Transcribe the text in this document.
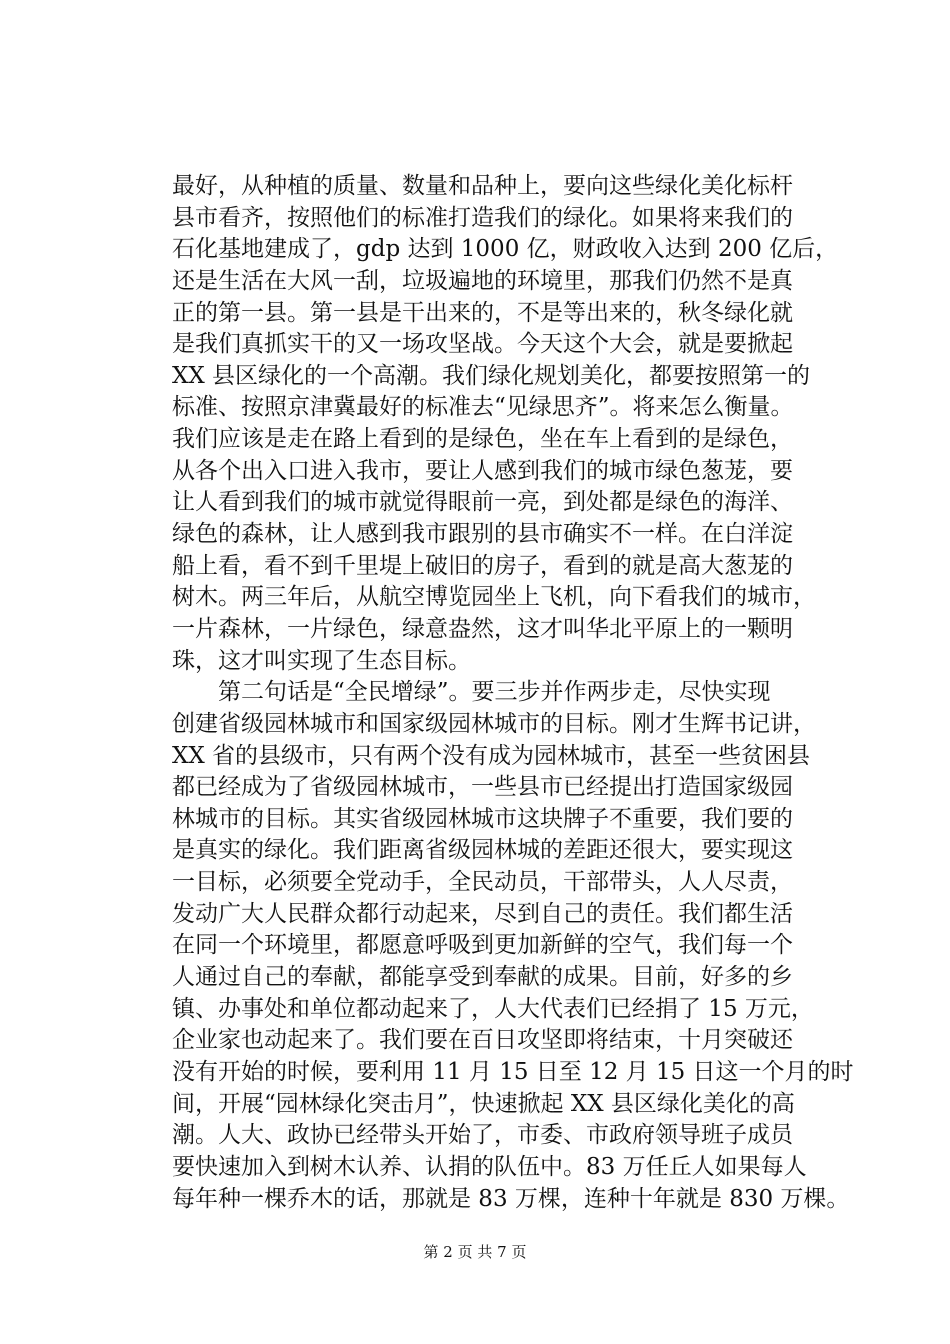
最好，从种植的质量、数量和品种上，要向这些绿化美化标杆
县市看齐，按照他们的标准打造我们的绿化。如果将来我们的
石化基地建成了，gdp 达到 1000 亿，财政收入达到 200 亿后，
还是生活在大风一刮，垃圾遍地的环境里，那我们仍然不是真
正的第一县。第一县是干出来的，不是等出来的，秋冬绿化就
是我们真抓实干的又一场攻坚战。今天这个大会，就是要掀起
XX 县区绿化的一个高潮。我们绿化规划美化，都要按照第一的
标准、按照京津冀最好的标准去“见绿思齐”。将来怎么衡量。
我们应该是走在路上看到的是绿色，坐在车上看到的是绿色，
从各个出入口进入我市，要让人感到我们的城市绿色葱茏，要
让人看到我们的城市就觉得眼前一亮，到处都是绿色的海洋、
绿色的森林，让人感到我市跟别的县市确实不一样。在白洋淀
船上看，看不到千里堤上破旧的房子，看到的就是高大葱茏的
树木。两三年后，从航空博览园坐上飞机，向下看我们的城市，
一片森林，一片绿色，绿意盎然，这才叫华北平原上的一颗明
珠，这才叫实现了生态目标。
第二句话是“全民增绿”。要三步并作两步走，尽快实现
创建省级园林城市和国家级园林城市的目标。刚才生辉书记讲，
XX 省的县级市，只有两个没有成为园林城市，甚至一些贫困县
都已经成为了省级园林城市，一些县市已经提出打造国家级园
林城市的目标。其实省级园林城市这块牌子不重要，我们要的
是真实的绿化。我们距离省级园林城的差距还很大，要实现这
一目标，必须要全党动手，全民动员，干部带头，人人尽责，
发动广大人民群众都行动起来，尽到自己的责任。我们都生活
在同一个环境里，都愿意呼吸到更加新鲜的空气，我们每一个
人通过自己的奉献，都能享受到奉献的成果。目前，好多的乡
镇、办事处和单位都动起来了，人大代表们已经捐了 15 万元，
企业家也动起来了。我们要在百日攻坚即将结束，十月突破还
没有开始的时候，要利用 11 月 15 日至 12 月 15 日这一个月的时
间，开展“园林绿化突击月”，快速掀起 XX 县区绿化美化的高
潮。人大、政协已经带头开始了，市委、市政府领导班子成员
要快速加入到树木认养、认捐的队伍中。83 万任丘人如果每人
每年种一棵乔木的话，那就是 83 万棵，连种十年就是 830 万棵。
第 2 页 共 7 页
